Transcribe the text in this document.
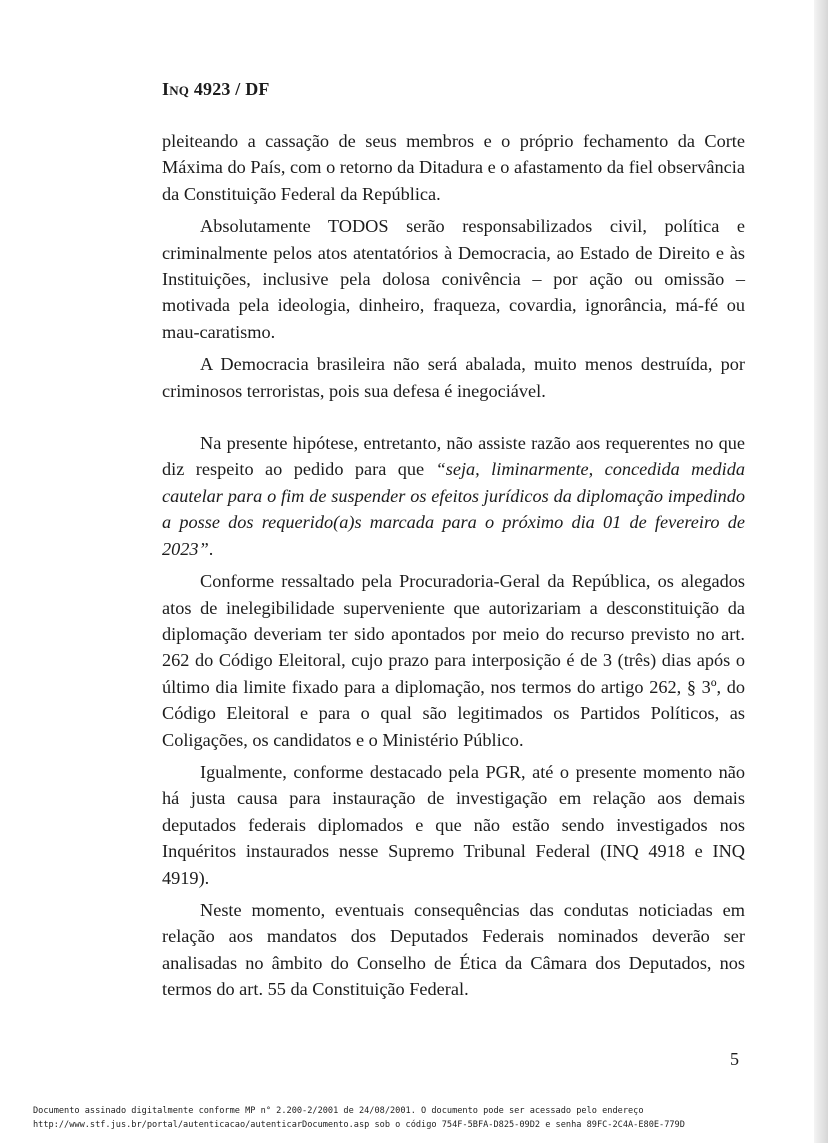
Inq 4923 / DF

pleiteando a cassação de seus membros e o próprio fechamento da Corte Máxima do País, com o retorno da Ditadura e o afastamento da fiel observância da Constituição Federal da República.

Absolutamente TODOS serão responsabilizados civil, política e criminalmente pelos atos atentatórios à Democracia, ao Estado de Direito e às Instituições, inclusive pela dolosa conivência – por ação ou omissão – motivada pela ideologia, dinheiro, fraqueza, covardia, ignorância, má-fé ou mau-caratismo.

A Democracia brasileira não será abalada, muito menos destruída, por criminosos terroristas, pois sua defesa é inegociável.

Na presente hipótese, entretanto, não assiste razão aos requerentes no que diz respeito ao pedido para que “seja, liminarmente, concedida medida cautelar para o fim de suspender os efeitos jurídicos da diplomação impedindo a posse dos requerido(a)s marcada para o próximo dia 01 de fevereiro de 2023”.

Conforme ressaltado pela Procuradoria-Geral da República, os alegados atos de inelegibilidade superveniente que autorizariam a desconstituição da diplomação deveriam ter sido apontados por meio do recurso previsto no art. 262 do Código Eleitoral, cujo prazo para interposição é de 3 (três) dias após o último dia limite fixado para a diplomação, nos termos do artigo 262, § 3º, do Código Eleitoral e para o qual são legitimados os Partidos Políticos, as Coligações, os candidatos e o Ministério Público.

Igualmente, conforme destacado pela PGR, até o presente momento não há justa causa para instauração de investigação em relação aos demais deputados federais diplomados e que não estão sendo investigados nos Inquéritos instaurados nesse Supremo Tribunal Federal (INQ 4918 e INQ 4919).

Neste momento, eventuais consequências das condutas noticiadas em relação aos mandatos dos Deputados Federais nominados deverão ser analisadas no âmbito do Conselho de Ética da Câmara dos Deputados, nos termos do art. 55 da Constituição Federal.

5
Documento assinado digitalmente conforme MP n° 2.200-2/2001 de 24/08/2001. O documento pode ser acessado pelo endereço
http://www.stf.jus.br/portal/autenticacao/autenticarDocumento.asp sob o código 754F-5BFA-D825-09D2 e senha 89FC-2C4A-E80E-779D
